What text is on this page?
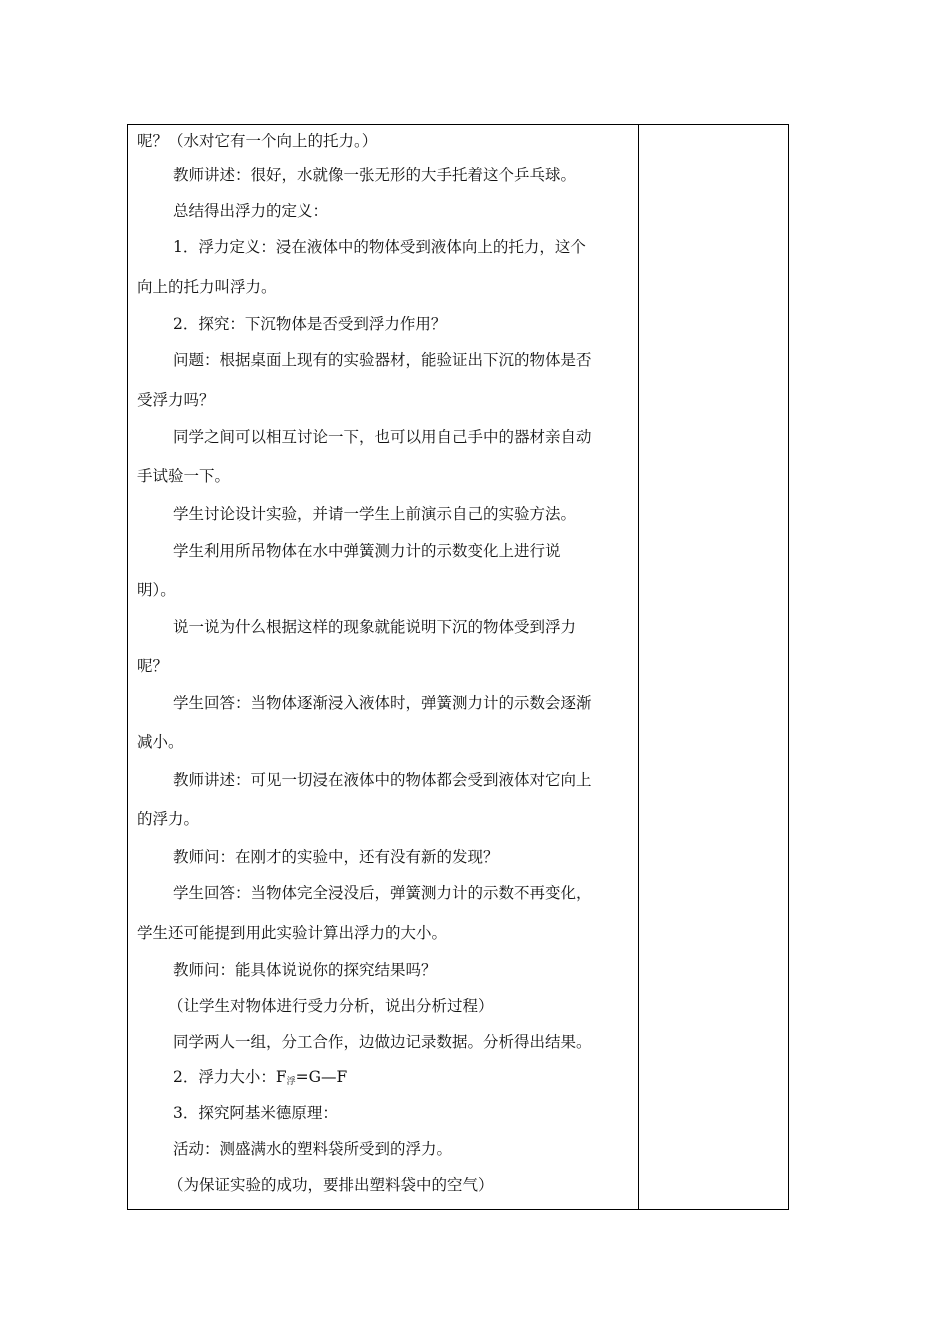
呢？（水对它有一个向上的托力。）
教师讲述：很好，水就像一张无形的大手托着这个乒乓球。
总结得出浮力的定义：
1．浮力定义：浸在液体中的物体受到液体向上的托力，这个
向上的托力叫浮力。
2．探究：下沉物体是否受到浮力作用？
问题：根据桌面上现有的实验器材，能验证出下沉的物体是否
受浮力吗？
同学之间可以相互讨论一下，也可以用自己手中的器材亲自动
手试验一下。
学生讨论设计实验，并请一学生上前演示自己的实验方法。
学生利用所吊物体在水中弹簧测力计的示数变化上进行说
明）。
说一说为什么根据这样的现象就能说明下沉的物体受到浮力
呢？
学生回答：当物体逐渐浸入液体时，弹簧测力计的示数会逐渐
减小。
教师讲述：可见一切浸在液体中的物体都会受到液体对它向上
的浮力。
教师问：在刚才的实验中，还有没有新的发现？
学生回答：当物体完全浸没后，弹簧测力计的示数不再变化，
学生还可能提到用此实验计算出浮力的大小。
教师问：能具体说说你的探究结果吗？
（让学生对物体进行受力分析，说出分析过程）
同学两人一组，分工合作，边做边记录数据。分析得出结果。
2．浮力大小：$F_浮=G—F$
3．探究阿基米德原理：
活动：测盛满水的塑料袋所受到的浮力。
（为保证实验的成功，要排出塑料袋中的空气）
